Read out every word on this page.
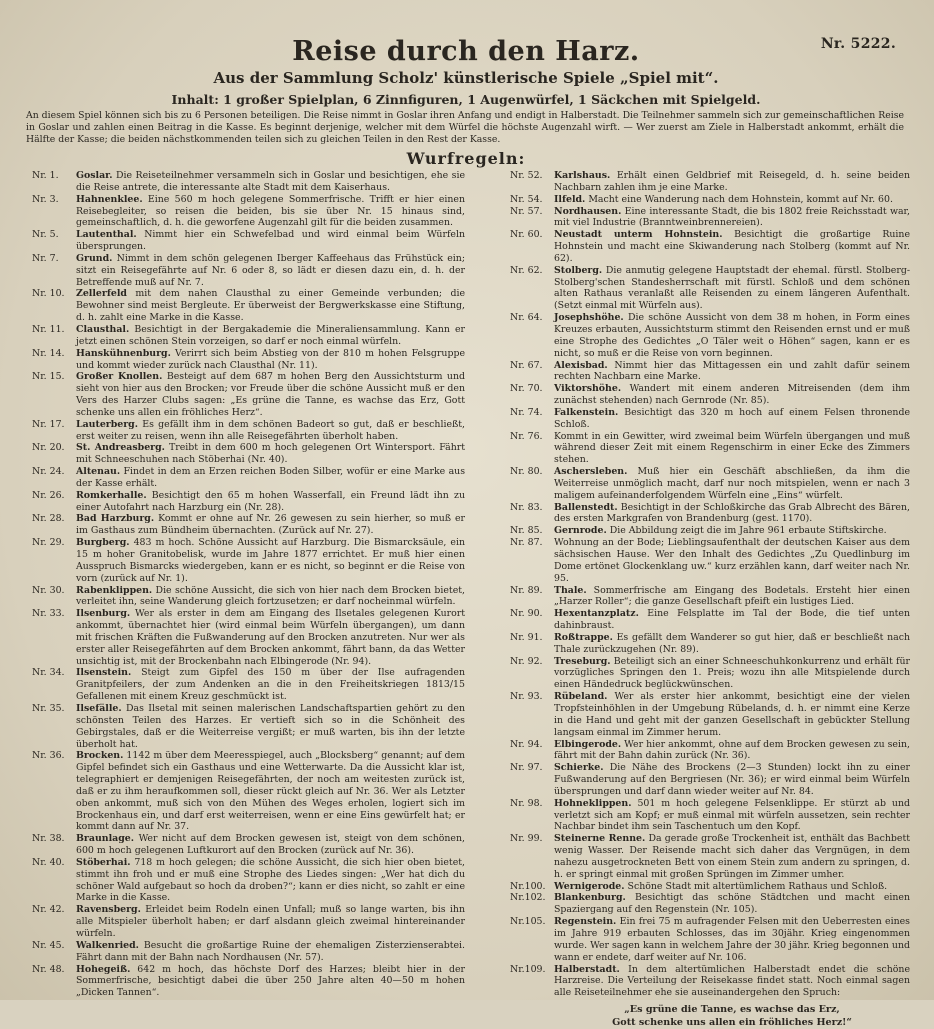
Nr. 5222.
Reise durch den Harz.
Aus der Sammlung Scholz' künstlerische Spiele „Spiel mit“.
Inhalt: 1 großer Spielplan, 6 Zinnfiguren, 1 Augenwürfel, 1 Säckchen mit Spielgeld.
An diesem Spiel können sich bis zu 6 Personen beteiligen. Die Reise nimmt in Goslar ihren Anfang und endigt in Halberstadt. Die Teilnehmer sammeln sich zur gemeinschaftlichen Reise in Goslar und zahlen einen Beitrag in die Kasse. Es beginnt derjenige, welcher mit dem Würfel die höchste Augenzahl wirft. — Wer zuerst am Ziele in Halberstadt ankommt, erhält die Hälfte der Kasse; die beiden nächstkommenden teilen sich zu gleichen Teilen in den Rest der Kasse.
Wurfregeln:
Nr. 1.	Goslar. Die Reiseteilnehmer versammeln sich in Goslar und besichtigen, ehe sie die Reise antrete, die interessante alte Stadt mit dem Kaiserhaus.
Nr. 3.	Hahnenklee. Eine 560 m hoch gelegene Sommerfrische. Trifft er hier einen Reisebegleiter, so reisen die beiden, bis sie über Nr. 15 hinaus sind, gemeinschaftlich, d. h. die geworfene Augenzahl gilt für die beiden zusammen.
Nr. 5.	Lautenthal. Nimmt hier ein Schwefelbad und wird einmal beim Würfeln übersprungen.
Nr. 7.	Grund. Nimmt in dem schön gelegenen Iberger Kaffeehaus das Frühstück ein; sitzt ein Reisegefährte auf Nr. 6 oder 8, so lädt er diesen dazu ein, d. h. der Betreffende muß auf Nr. 7.
Nr. 10.	Zellerfeld mit dem nahen Clausthal zu einer Gemeinde verbunden; die Bewohner sind meist Bergleute. Er überweist der Bergwerkskasse eine Stiftung, d. h. zahlt eine Marke in die Kasse.
Nr. 11.	Clausthal. Besichtigt in der Bergakademie die Mineraliensammlung. Kann er jetzt einen schönen Stein vorzeigen, so darf er noch einmal würfeln.
Nr. 14.	Hanskühnenburg. Verirrt sich beim Abstieg von der 810 m hohen Felsgruppe und kommt wieder zurück nach Clausthal (Nr. 11).
Nr. 15.	Großer Knollen. Besteigt auf dem 687 m hohen Berg den Aussichtsturm und sieht von hier aus den Brocken; vor Freude über die schöne Aussicht muß er den Vers des Harzer Clubs sagen: „Es grüne die Tanne, es wachse das Erz, Gott schenke uns allen ein fröhliches Herz“.
Nr. 17.	Lauterberg. Es gefällt ihm in dem schönen Badeort so gut, daß er beschließt, erst weiter zu reisen, wenn ihn alle Reisegefährten überholt haben.
Nr. 20.	St. Andreasberg. Treibt in dem 600 m hoch gelegenen Ort Wintersport. Fährt mit Schneeschuhen nach Stöberhai (Nr. 40).
Nr. 24.	Altenau. Findet in dem an Erzen reichen Boden Silber, wofür er eine Marke aus der Kasse erhält.
Nr. 26.	Romkerhalle. Besichtigt den 65 m hohen Wasserfall, ein Freund lädt ihn zu einer Autofahrt nach Harzburg ein (Nr. 28).
Nr. 28.	Bad Harzburg. Kommt er ohne auf Nr. 26 gewesen zu sein hierher, so muß er im Gasthaus zum Bündheim übernachten. (Zurück auf Nr. 27).
Nr. 29.	Burgberg. 483 m hoch. Schöne Aussicht auf Harzburg. Die Bismarcksäule, ein 15 m hoher Granitobelisk, wurde im Jahre 1877 errichtet. Er muß hier einen Ausspruch Bismarcks wiedergeben, kann er es nicht, so beginnt er die Reise von vorn (zurück auf Nr. 1).
Nr. 30.	Rabenklippen. Die schöne Aussicht, die sich von hier nach dem Brocken bietet, verleitet ihn, seine Wanderung gleich fortzusetzen; er darf nocheinmal würfeln.
Nr. 33.	Ilsenburg. Wer als erster in dem am Eingang des Ilsetales gelegenen Kurort ankommt, übernachtet hier (wird einmal beim Würfeln übergangen), um dann mit frischen Kräften die Fußwanderung auf den Brocken anzutreten. Nur wer als erster aller Reisegefährten auf dem Brocken ankommt, fährt bann, da das Wetter unsichtig ist, mit der Brockenbahn nach Elbingerode (Nr. 94).
Nr. 34.	Ilsenstein. Steigt zum Gipfel des 150 m über der Ilse aufragenden Granitpfeilers, der zum Andenken an die in den Freiheitskriegen 1813/15 Gefallenen mit einem Kreuz geschmückt ist.
Nr. 35.	Ilsefälle. Das Ilsetal mit seinen malerischen Landschaftspartien gehört zu den schönsten Teilen des Harzes. Er vertieft sich so in die Schönheit des Gebirgstales, daß er die Weiterreise vergißt; er muß warten, bis ihn der letzte überholt hat.
Nr. 36.	Brocken. 1142 m über dem Meeresspiegel, auch „Blocksberg“ genannt; auf dem Gipfel befindet sich ein Gasthaus und eine Wetterwarte. Da die Aussicht klar ist, telegraphiert er demjenigen Reisegefährten, der noch am weitesten zurück ist, daß er zu ihm heraufkommen soll, dieser rückt gleich auf Nr. 36. Wer als Letzter oben ankommt, muß sich von den Mühen des Weges erholen, logiert sich im Brockenhaus ein, und darf erst weiterreisen, wenn er eine Eins gewürfelt hat; er kommt dann auf Nr. 37.
Nr. 38.	Braunlage. Wer nicht auf dem Brocken gewesen ist, steigt von dem schönen, 600 m hoch gelegenen Luftkurort auf den Brocken (zurück auf Nr. 36).
Nr. 40.	Stöberhai. 718 m hoch gelegen; die schöne Aussicht, die sich hier oben bietet, stimmt ihn froh und er muß eine Strophe des Liedes singen: „Wer hat dich du schöner Wald aufgebaut so hoch da droben?“; kann er dies nicht, so zahlt er eine Marke in die Kasse.
Nr. 42.	Ravensberg. Erleidet beim Rodeln einen Unfall; muß so lange warten, bis ihn alle Mitspieler überholt haben; er darf alsdann gleich zweimal hintereinander würfeln.
Nr. 45.	Walkenried. Besucht die großartige Ruine der ehemaligen Zisterzienserabtei. Fährt dann mit der Bahn nach Nordhausen (Nr. 57).
Nr. 48.	Hohegeiß. 642 m hoch, das höchste Dorf des Harzes; bleibt hier in der Sommerfrische, besichtigt dabei die über 250 Jahre alten 40—50 m hohen „Dicken Tannen“.
Nr. 52.	Karlshaus. Erhält einen Geldbrief mit Reisegeld, d. h. seine beiden Nachbarn zahlen ihm je eine Marke.
Nr. 54.	Ilfeld. Macht eine Wanderung nach dem Hohnstein, kommt auf Nr. 60.
Nr. 57.	Nordhausen. Eine interessante Stadt, die bis 1802 freie Reichsstadt war, mit viel Industrie (Branntweinbrennereien).
Nr. 60.	Neustadt unterm Hohnstein. Besichtigt die großartige Ruine Hohnstein und macht eine Skiwanderung nach Stolberg (kommt auf Nr. 62).
Nr. 62.	Stolberg. Die anmutig gelegene Hauptstadt der ehemal. fürstl. Stolberg-Stolberg'schen Standesherrschaft mit fürstl. Schloß und dem schönen alten Rathaus veranlaßt alle Reisenden zu einem längeren Aufenthalt. (Setzt einmal mit Würfeln aus).
Nr. 64.	Josephshöhe. Die schöne Aussicht von dem 38 m hohen, in Form eines Kreuzes erbauten, Aussichtsturm stimmt den Reisenden ernst und er muß eine Strophe des Gedichtes „O Täler weit o Höhen“ sagen, kann er es nicht, so muß er die Reise von vorn beginnen.
Nr. 67.	Alexisbad. Nimmt hier das Mittagessen ein und zahlt dafür seinem rechten Nachbarn eine Marke.
Nr. 70.	Viktorshöhe. Wandert mit einem anderen Mitreisenden (dem ihm zunächst stehenden) nach Gernrode (Nr. 85).
Nr. 74.	Falkenstein. Besichtigt das 320 m hoch auf einem Felsen thronende Schloß.
Nr. 76.	Kommt in ein Gewitter, wird zweimal beim Würfeln übergangen und muß während dieser Zeit mit einem Regenschirm in einer Ecke des Zimmers stehen.
Nr. 80.	Aschersleben. Muß hier ein Geschäft abschließen, da ihm die Weiterreise unmöglich macht, darf nur noch mitspielen, wenn er nach 3 maligem aufeinanderfolgendem Würfeln eine „Eins“ würfelt.
Nr. 83.	Ballenstedt. Besichtigt in der Schloßkirche das Grab Albrecht des Bären, des ersten Markgrafen von Brandenburg (gest. 1170).
Nr. 85.	Gernrode. Die Abbildung zeigt die im Jahre 961 erbaute Stiftskirche.
Nr. 87.	Wohnung an der Bode; Lieblingsaufenthalt der deutschen Kaiser aus dem sächsischen Hause. Wer den Inhalt des Gedichtes „Zu Quedlinburg im Dome ertönet Glockenklang uw.“ kurz erzählen kann, darf weiter nach Nr. 95.
Nr. 89.	Thale. Sommerfrische am Eingang des Bodetals. Ersteht hier einen „Harzer Roller“; die ganze Gesellschaft pfeift ein lustiges Lied.
Nr. 90.	Hexentanzplatz. Eine Felsplatte im Tal der Bode, die tief unten dahinbraust.
Nr. 91.	Roßtrappe. Es gefällt dem Wanderer so gut hier, daß er beschließt nach Thale zurückzugehen (Nr. 89).
Nr. 92.	Treseburg. Beteiligt sich an einer Schneeschuhkonkurrenz und erhält für vorzügliches Springen den 1. Preis; wozu ihn alle Mitspielende durch einen Händedruck beglückwünschen.
Nr. 93.	Rübeland. Wer als erster hier ankommt, besichtigt eine der vielen Tropfsteinhöhlen in der Umgebung Rübelands, d. h. er nimmt eine Kerze in die Hand und geht mit der ganzen Gesellschaft in gebückter Stellung langsam einmal im Zimmer herum.
Nr. 94.	Elbingerode. Wer hier ankommt, ohne auf dem Brocken gewesen zu sein, fährt mit der Bahn dahin zurück (Nr. 36).
Nr. 97.	Schierke. Die Nähe des Brockens (2—3 Stunden) lockt ihn zu einer Fußwanderung auf den Bergriesen (Nr. 36); er wird einmal beim Würfeln übersprungen und darf dann wieder weiter auf Nr. 84.
Nr. 98.	Hohneklippen. 501 m hoch gelegene Felsenklippe. Er stürzt ab und verletzt sich am Kopf; er muß einmal mit würfeln aussetzen, sein rechter Nachbar bindet ihm sein Taschentuch um den Kopf.
Nr. 99.	Steinerne Renne. Da gerade große Trockenheit ist, enthält das Bachbett wenig Wasser. Der Reisende macht sich daher das Vergnügen, in dem nahezu ausgetrockneten Bett von einem Stein zum andern zu springen, d. h. er springt einmal mit großen Sprüngen im Zimmer umher.
Nr.100. Wernigerode. Schöne Stadt mit altertümlichem Rathaus und Schloß.
Nr.102. Blankenburg. Besichtigt das schöne Städtchen und macht einen Spaziergang auf den Regenstein (Nr. 105).
Nr.105. Regenstein. Ein frei 75 m aufragender Felsen mit den Ueberresten eines im Jahre 919 erbauten Schlosses, das im 30jähr. Krieg eingenommen wurde. Wer sagen kann in welchem Jahre der 30 jähr. Krieg begonnen und wann er endete, darf weiter auf Nr. 106.
Nr.109. Halberstadt. In dem altertümlichen Halberstadt endet die schöne Harzreise. Die Verteilung der Reisekasse findet statt. Noch einmal sagen alle Reiseteilnehmer ehe sie auseinandergehen den Spruch:
„Es grüne die Tanne, es wachse das Erz,
Gott schenke uns allen ein fröhliches Herz!“
